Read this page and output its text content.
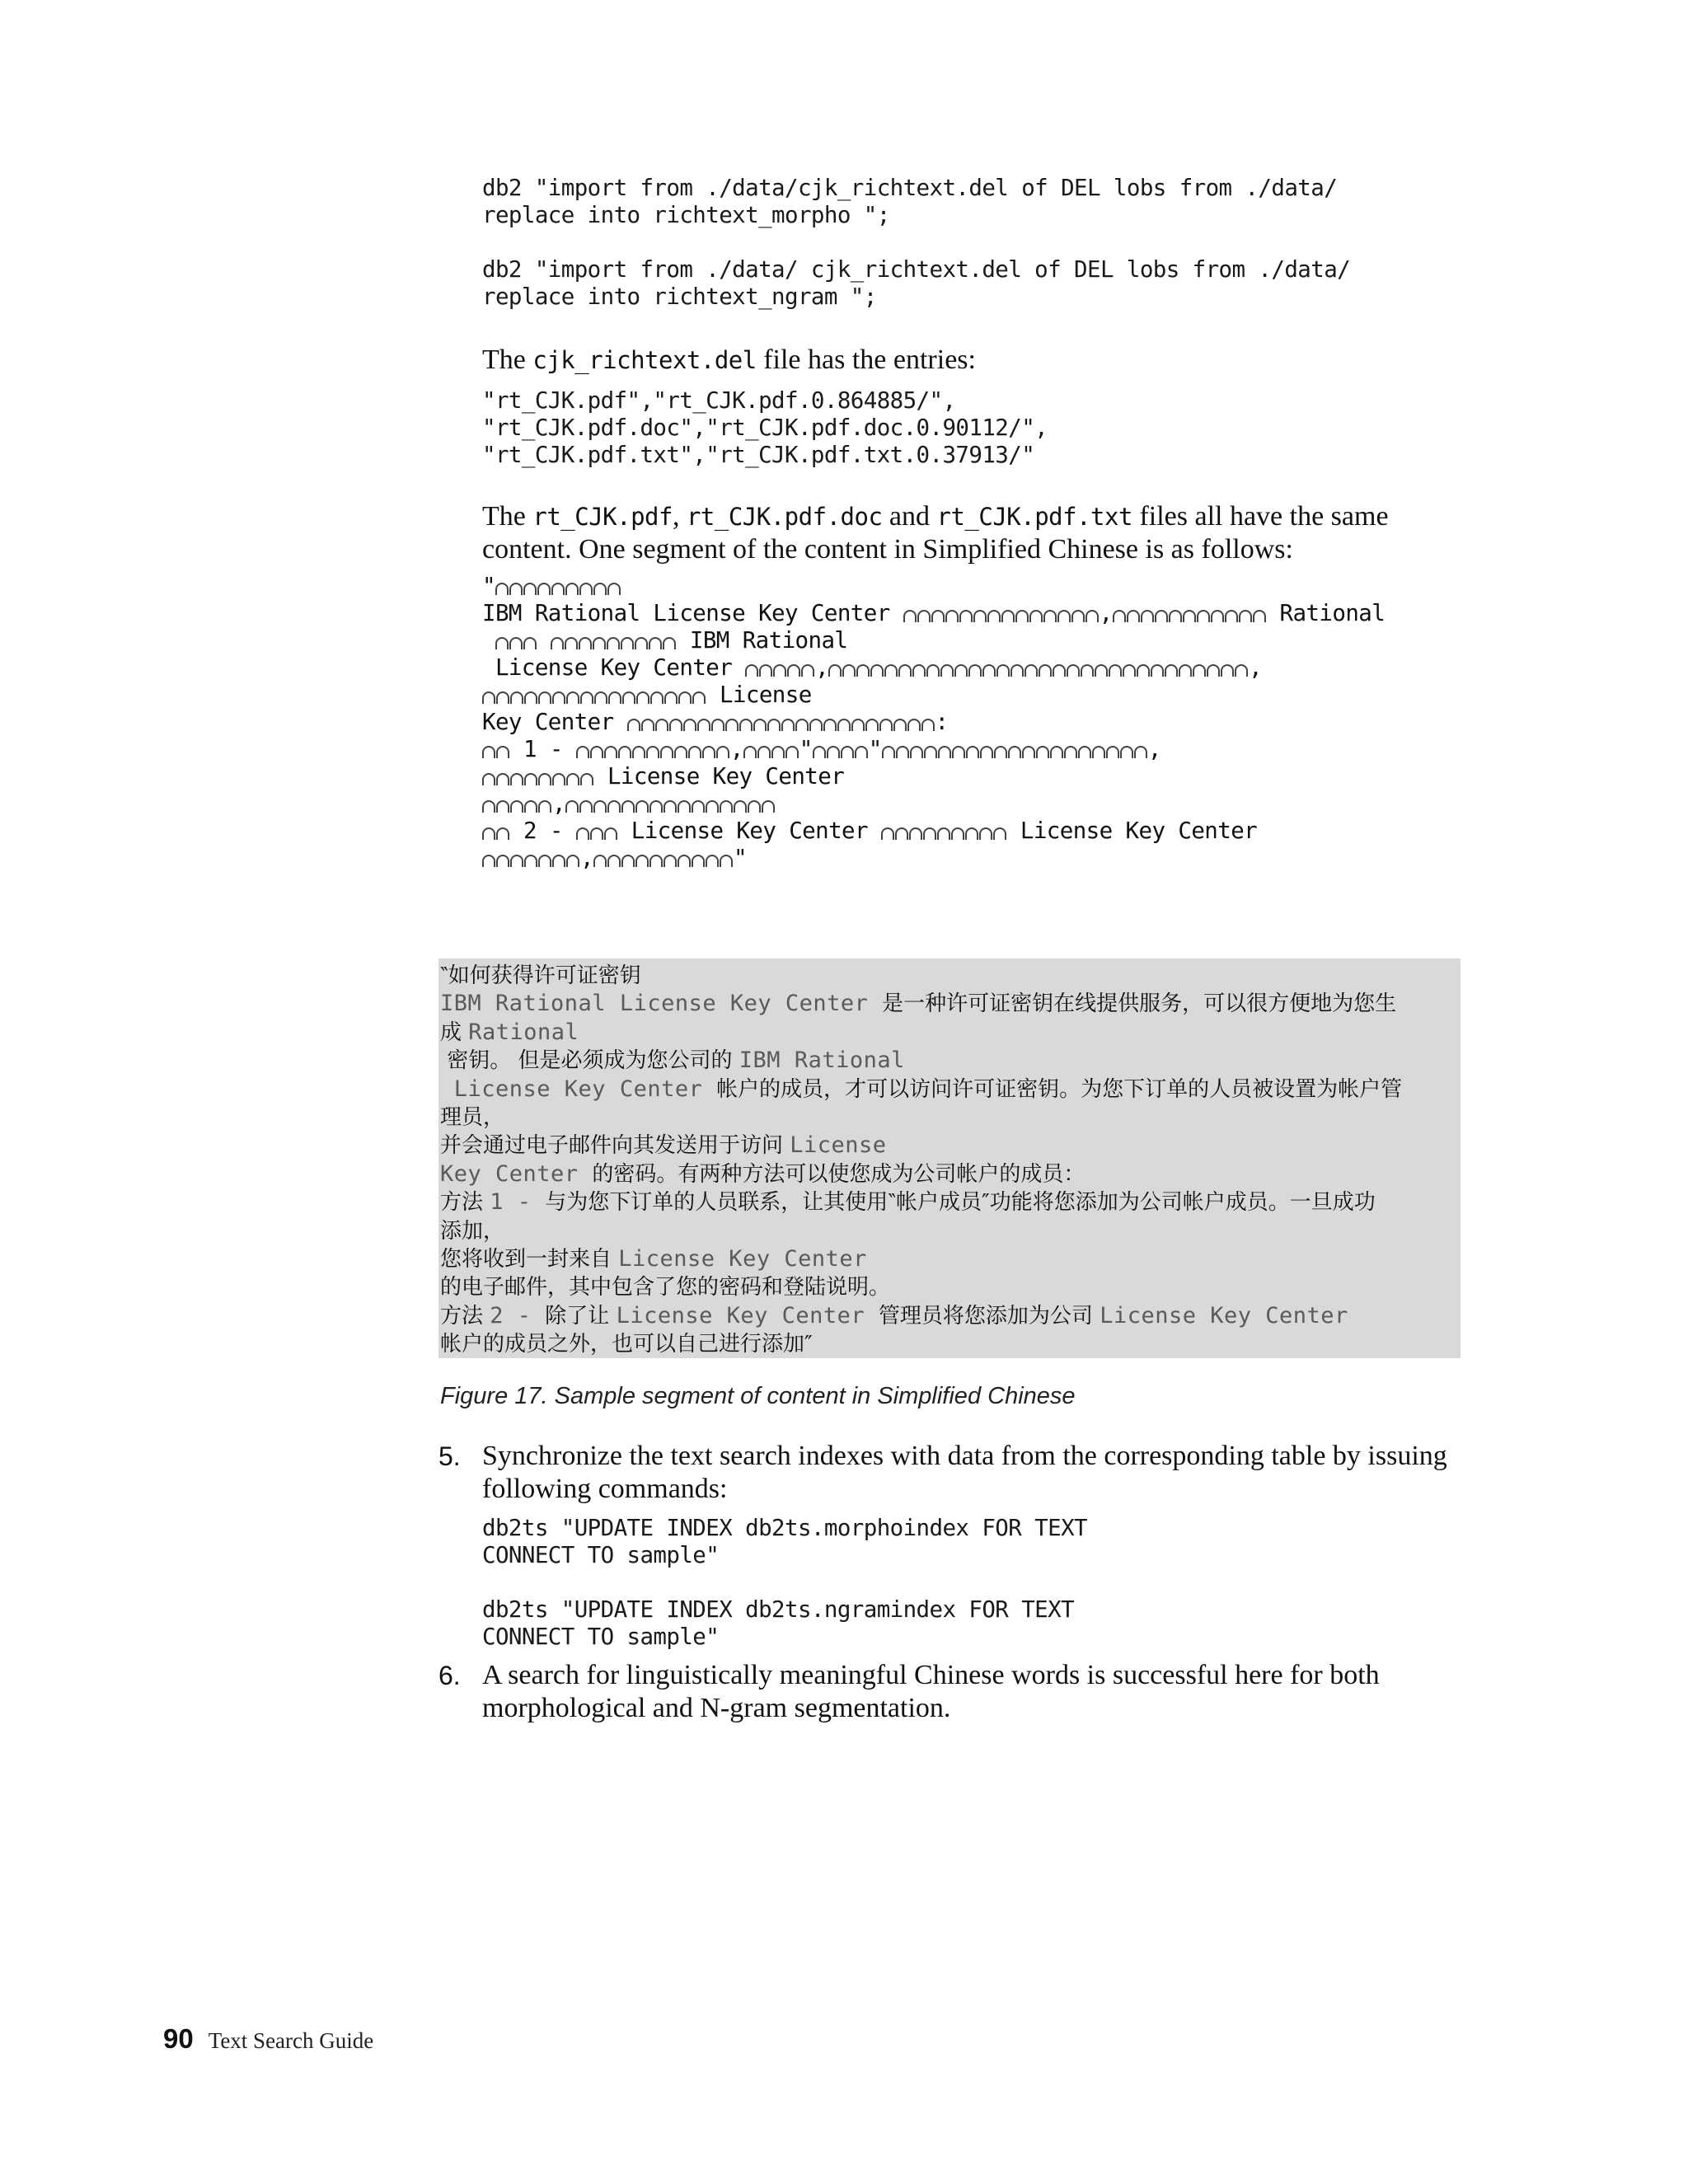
db2 "import from ./data/cjk_richtext.del of DEL lobs from ./data/
replace into richtext_morpho ";

db2 "import from ./data/ cjk_richtext.del of DEL lobs from ./data/
replace into richtext_ngram ";
The cjk_richtext.del file has the entries:
"rt_CJK.pdf","rt_CJK.pdf.0.864885/",
"rt_CJK.pdf.doc","rt_CJK.pdf.doc.0.90112/",
"rt_CJK.pdf.txt","rt_CJK.pdf.txt.0.37913/"
The rt_CJK.pdf, rt_CJK.pdf.doc and rt_CJK.pdf.txt files all have the same content. One segment of the content in Simplified Chinese is as follows:
"
IBM Rational License Key Center	,	Rational
IBM Rational
License Key Center	,	,
License
Key Center	:
1 -	, " "	,
License Key Center
,
2 -  License Key Center	License Key Center
,	"
‶如何获得许可证密钥
IBM Rational License Key Center 是一种许可证密钥在线提供服务，可以很方便地为您生
成 Rational
密钥。 但是必须成为您公司的 IBM Rational
License Key Center 帐户的成员，才可以访问许可证密钥。为您下订单的人员被设置为帐户管
理员，
并会通过电子邮件向其发送用于访问 License
Key Center 的密码。有两种方法可以使您成为公司帐户的成员：
方法 1 - 与为您下订单的人员联系，让其使用‶帐户成员″功能将您添加为公司帐户成员。一旦成功
添加，
您将收到一封来自 License Key Center
的电子邮件，其中包含了您的密码和登陆说明。
方法 2 - 除了让 License Key Center 管理员将您添加为公司 License Key Center
帐户的成员之外，也可以自己进行添加″
Figure 17. Sample segment of content in Simplified Chinese
5. Synchronize the text search indexes with data from the corresponding table by issuing following commands:
db2ts "UPDATE INDEX db2ts.morphoindex FOR TEXT
CONNECT TO sample"

db2ts "UPDATE INDEX db2ts.ngramindex FOR TEXT
CONNECT TO sample"
6. A search for linguistically meaningful Chinese words is successful here for both morphological and N-gram segmentation.
90 Text Search Guide
